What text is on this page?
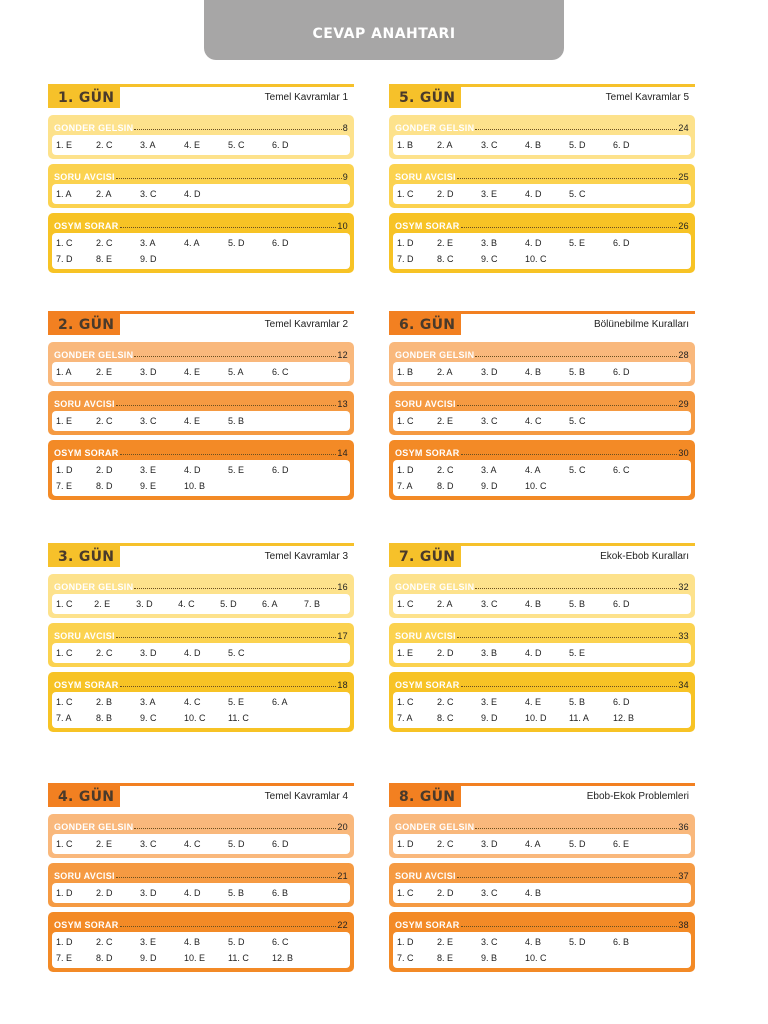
CEVAP ANAHTARI
1. GÜN	Temel Kavramlar 1
GONDER GELSIN	8
1. E	2. C	3. A	4. E	5. C	6. D
SORU AVCISI	9
1. A	2. A	3. C	4. D
OSYM SORAR	10
1. C	2. C	3. A	4. A	5. D	6. D
7. D	8. E	9. D
5. GÜN	Temel Kavramlar 5
GONDER GELSIN	24
1. B	2. A	3. C	4. B	5. D	6. D
SORU AVCISI	25
1. C	2. D	3. E	4. D	5. C
OSYM SORAR	26
1. D	2. E	3. B	4. D	5. E	6. D
7. D	8. C	9. C	10. C
2. GÜN	Temel Kavramlar 2
GONDER GELSIN	12
1. A	2. E	3. D	4. E	5. A	6. C
SORU AVCISI	13
1. E	2. C	3. C	4. E	5. B
OSYM SORAR	14
1. D	2. D	3. E	4. D	5. E	6. D
7. E	8. D	9. E	10. B
6. GÜN	Bölünebilme Kuralları
GONDER GELSIN	28
1. B	2. A	3. D	4. B	5. B	6. D
SORU AVCISI	29
1. C	2. E	3. C	4. C	5. C
OSYM SORAR	30
1. D	2. C	3. A	4. A	5. C	6. C
7. A	8. D	9. D	10. C
3. GÜN	Temel Kavramlar 3
GONDER GELSIN	16
1. C	2. E	3. D	4. C	5. D	6. A	7. B
SORU AVCISI	17
1. C	2. C	3. D	4. D	5. C
OSYM SORAR	18
1. C	2. B	3. A	4. C	5. E	6. A
7. A	8. B	9. C	10. C	11. C
7. GÜN	Ekok-Ebob Kuralları
GONDER GELSIN	32
1. C	2. A	3. C	4. B	5. B	6. D
SORU AVCISI	33
1. E	2. D	3. B	4. D	5. E
OSYM SORAR	34
1. C	2. C	3. E	4. E	5. B	6. D
7. A	8. C	9. D	10. D	11. A	12. B
4. GÜN	Temel Kavramlar 4
GONDER GELSIN	20
1. C	2. E	3. C	4. C	5. D	6. D
SORU AVCISI	21
1. D	2. D	3. D	4. D	5. B	6. B
OSYM SORAR	22
1. D	2. C	3. E	4. B	5. D	6. C
7. E	8. D	9. D	10. E	11. C	12. B
8. GÜN	Ebob-Ekok Problemleri
GONDER GELSIN	36
1. D	2. C	3. D	4. A	5. D	6. E
SORU AVCISI	37
1. C	2. D	3. C	4. B
OSYM SORAR	38
1. D	2. E	3. C	4. B	5. D	6. B
7. C	8. E	9. B	10. C
